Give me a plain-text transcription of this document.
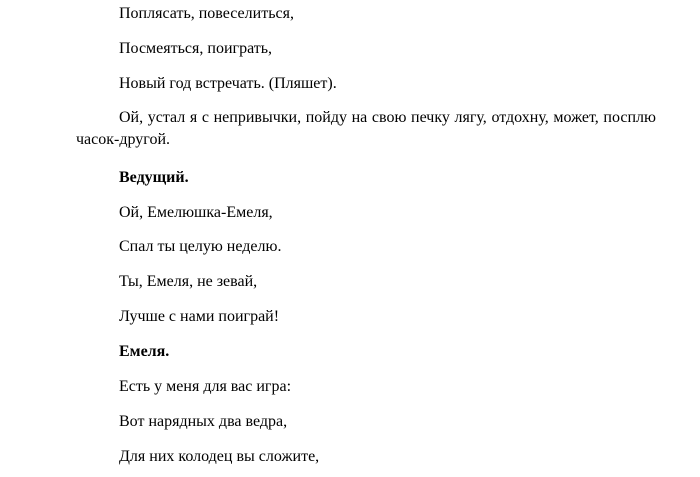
Поплясать, повеселиться,
Посмеяться, поиграть,
Новый год встречать. (Пляшет).
Ой, устал я с непривычки, пойду на свою печку лягу, отдохну, может, посплю часок-другой.
Ведущий.
Ой, Емелюшка-Емеля,
Спал ты целую неделю.
Ты, Емеля, не зевай,
Лучше с нами поиграй!
Емеля.
Есть у меня для вас игра:
Вот нарядных два ведра,
Для них колодец вы сложите,
